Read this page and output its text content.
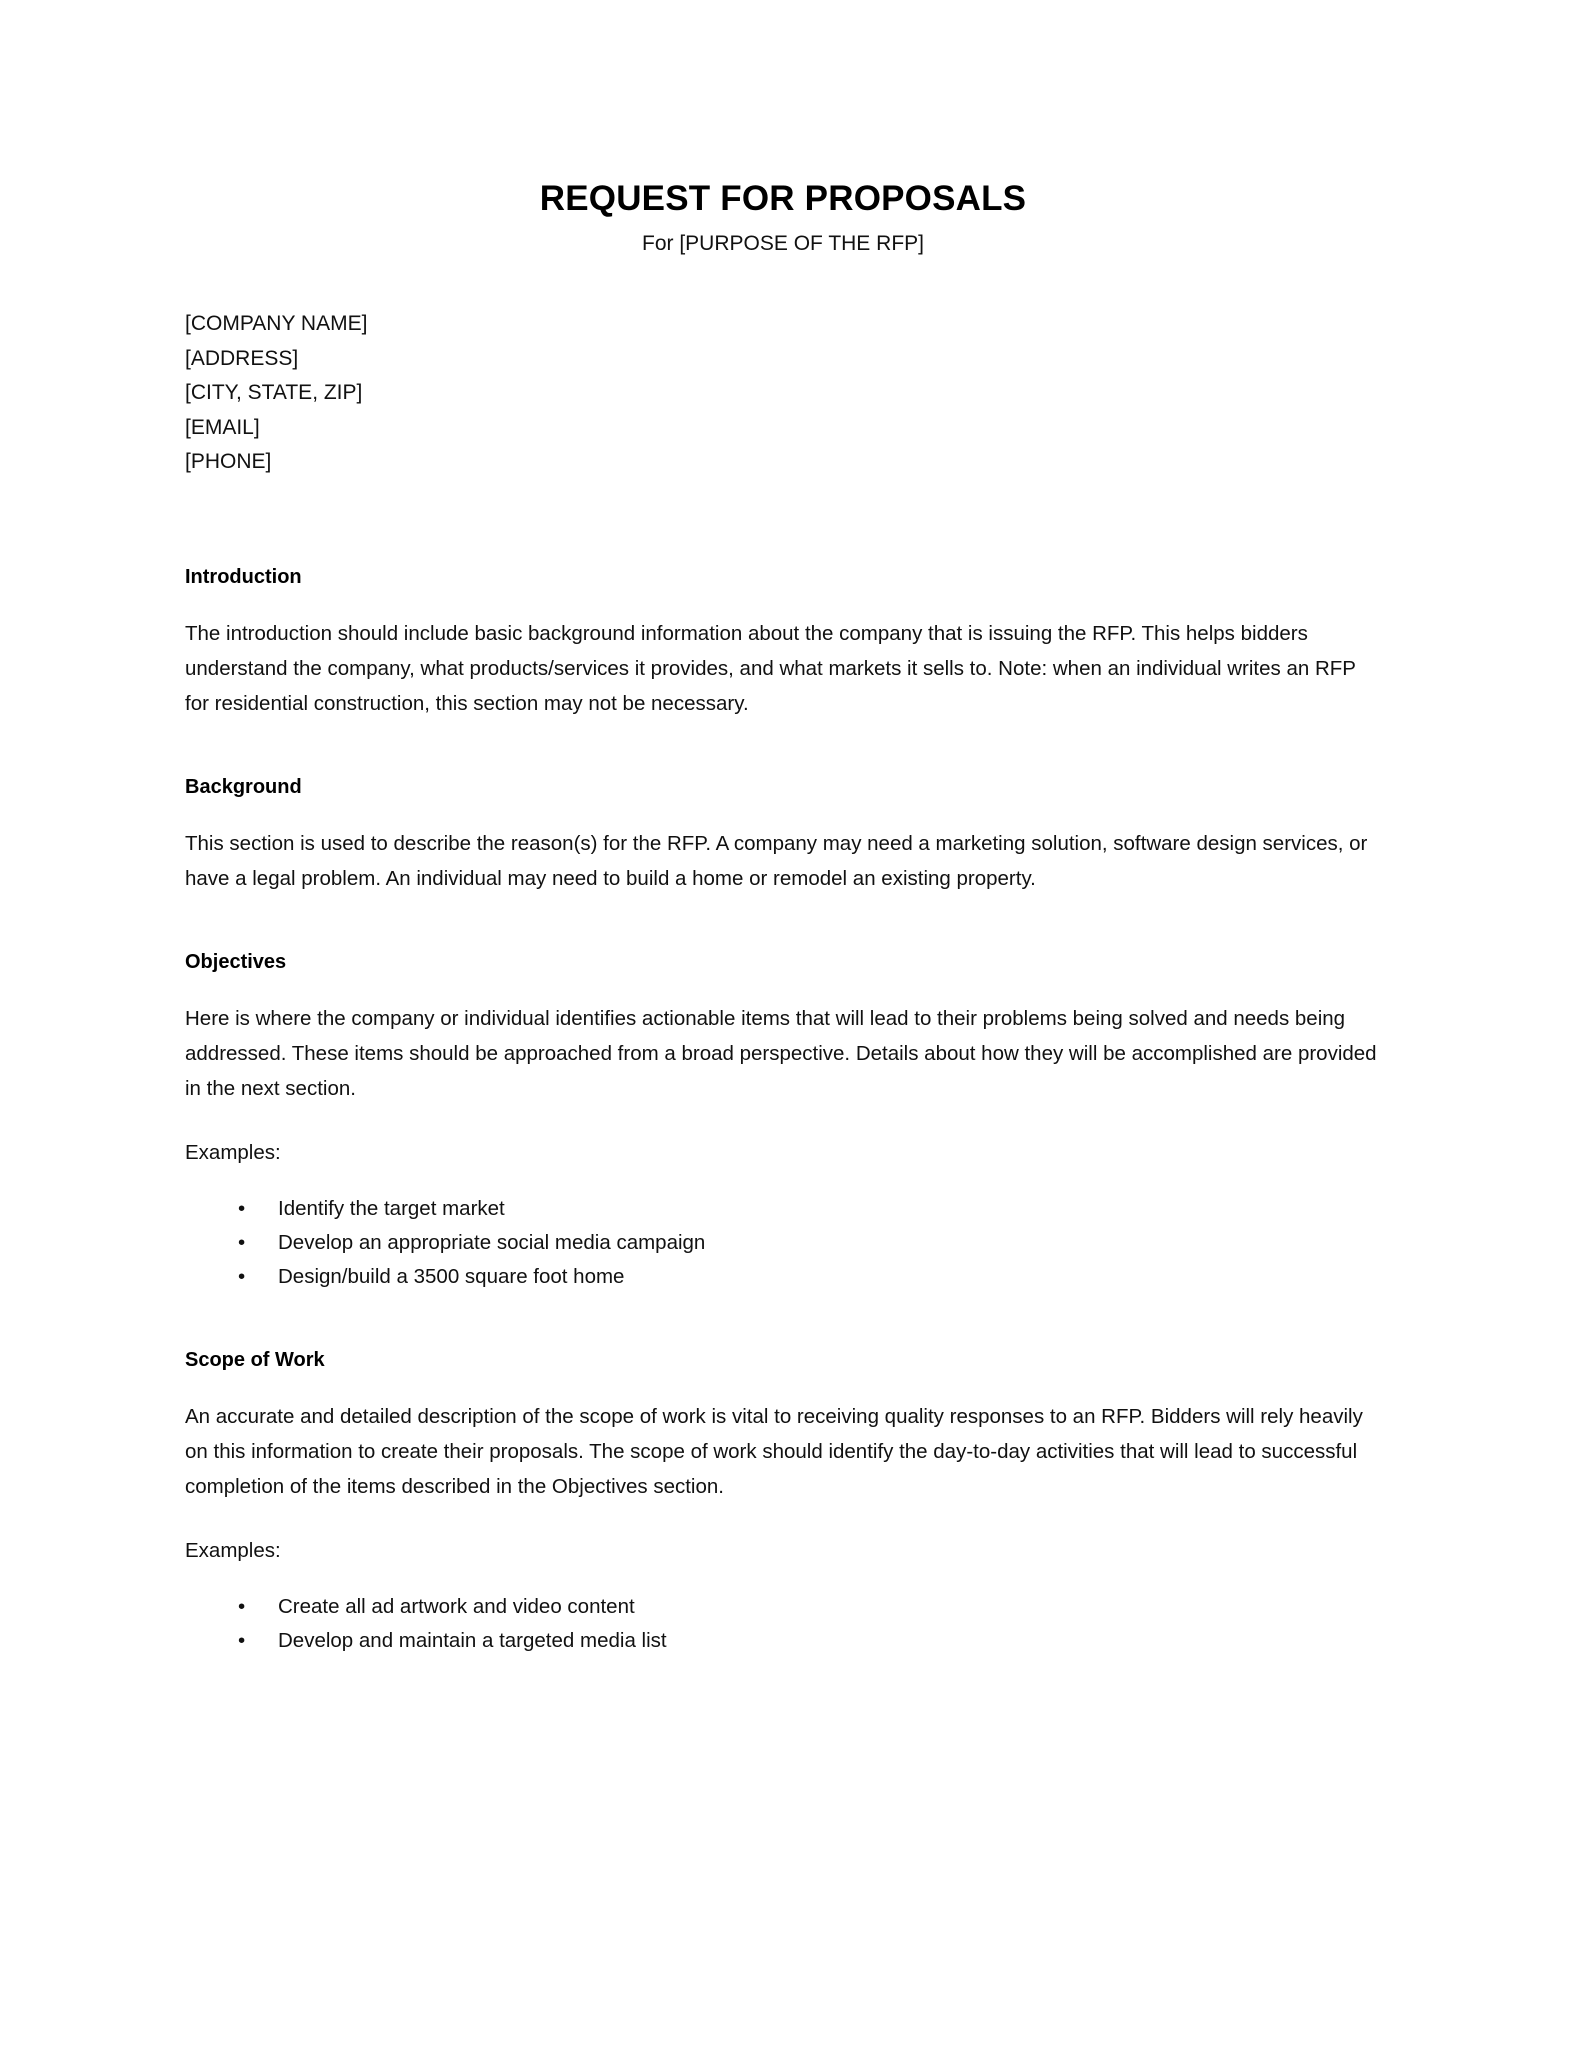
REQUEST FOR PROPOSALS
For [PURPOSE OF THE RFP]
[COMPANY NAME]
[ADDRESS]
[CITY, STATE, ZIP]
[EMAIL]
[PHONE]
Introduction

The introduction should include basic background information about the company that is issuing the RFP. This helps bidders understand the company, what products/services it provides, and what markets it sells to. Note: when an individual writes an RFP for residential construction, this section may not be necessary.

Background

This section is used to describe the reason(s) for the RFP. A company may need a marketing solution, software design services, or have a legal problem. An individual may need to build a home or remodel an existing property.

Objectives

Here is where the company or individual identifies actionable items that will lead to their problems being solved and needs being addressed. These items should be approached from a broad perspective. Details about how they will be accomplished are provided in the next section.

Examples:

• Identify the target market
• Develop an appropriate social media campaign
• Design/build a 3500 square foot home
Scope of Work

An accurate and detailed description of the scope of work is vital to receiving quality responses to an RFP. Bidders will rely heavily on this information to create their proposals. The scope of work should identify the day-to-day activities that will lead to successful completion of the items described in the Objectives section.

Examples:

• Create all ad artwork and video content
• Develop and maintain a targeted media list
